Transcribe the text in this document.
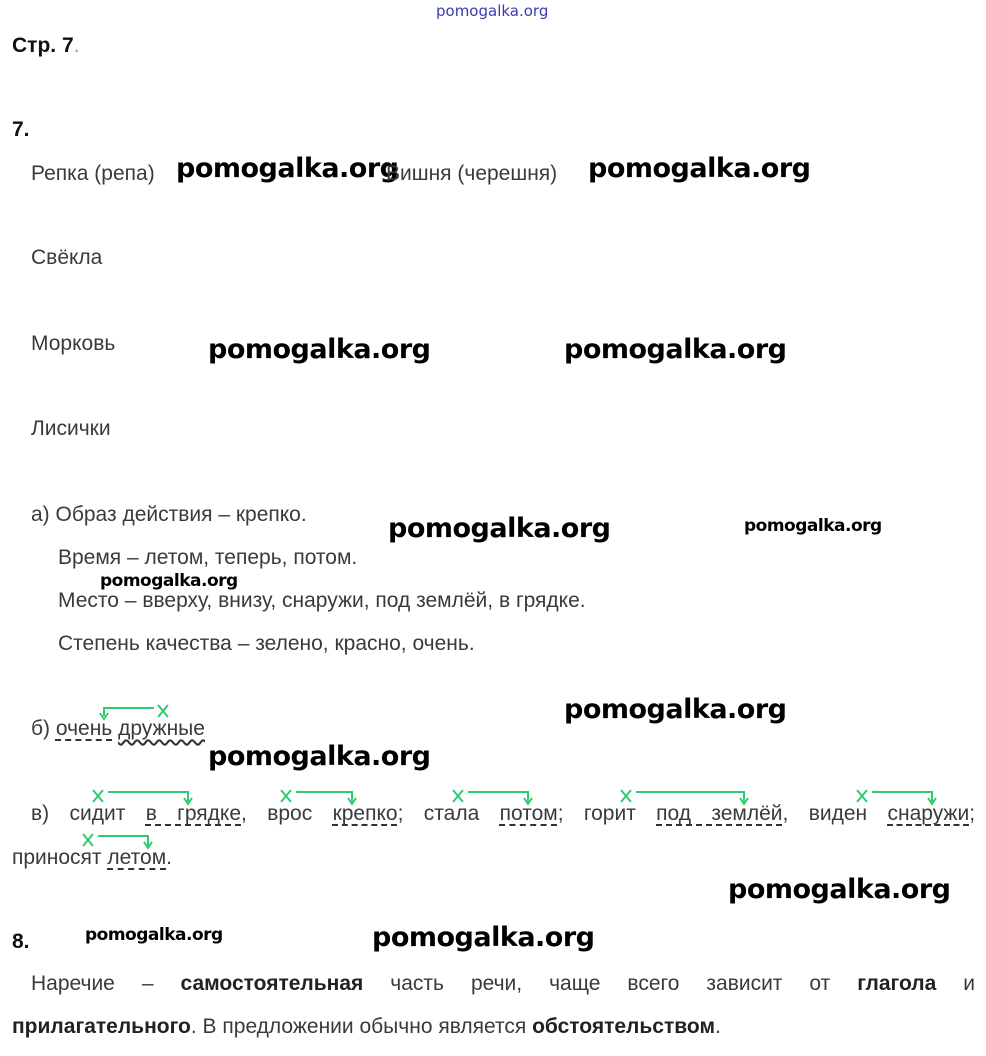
pomogalka.org
Стр. 7.
7.
Репка (репа) pomogalka.org
Вишня (черешня) pomogalka.org
Свёкла
Морковь	pomogalka.org	pomogalka.org
Лисички
а) Образ действия – крепко.	pomogalka.org	pomogalka.org
Время – летом, теперь, потом.
Место – вверху, внизу, снаружи, под землёй, в грядке.
pomogalka.org
Степень качества – зелено, красно, очень.
pomogalka.org
б) очень дружные
pomogalka.org
в) сидит в грядке, врос крепко; стала потом; горит под землёй, виден снаружи;
приносят летом.
pomogalka.org
8.	pomogalka.org	pomogalka.org
Наречие – самостоятельная часть речи, чаще всего зависит от глагола и
прилагательного. В предложении обычно является обстоятельством.
